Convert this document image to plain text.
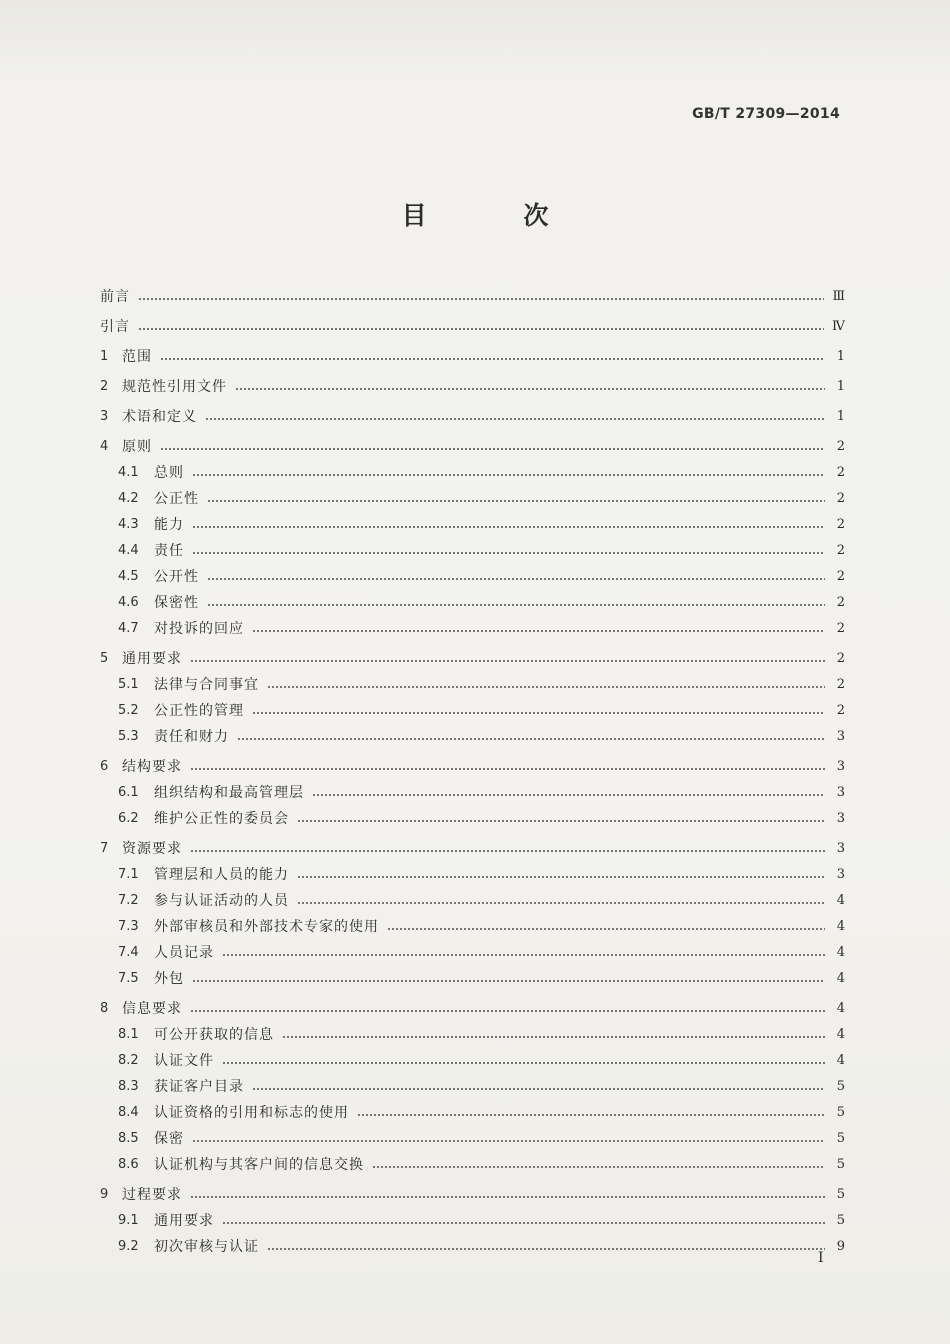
GB/T 27309—2014
目 次
前言	Ⅲ
引言	Ⅳ
1 范围	1
2 规范性引用文件	1
3 术语和定义	1
4 原则	2
4.1	总则	2
4.2	公正性	2
4.3	能力	2
4.4	责任	2
4.5	公开性	2
4.6	保密性	2
4.7	对投诉的回应	2
5 通用要求	2
5.1	法律与合同事宜	2
5.2	公正性的管理	2
5.3	责任和财力	3
6 结构要求	3
6.1	组织结构和最高管理层	3
6.2	维护公正性的委员会	3
7 资源要求	3
7.1	管理层和人员的能力	3
7.2	参与认证活动的人员	4
7.3	外部审核员和外部技术专家的使用	4
7.4	人员记录	4
7.5	外包	4
8 信息要求	4
8.1	可公开获取的信息	4
8.2	认证文件	4
8.3	获证客户目录	5
8.4	认证资格的引用和标志的使用	5
8.5	保密	5
8.6	认证机构与其客户间的信息交换	5
9 过程要求	5
9.1	通用要求	5
9.2	初次审核与认证	9
Ⅰ
